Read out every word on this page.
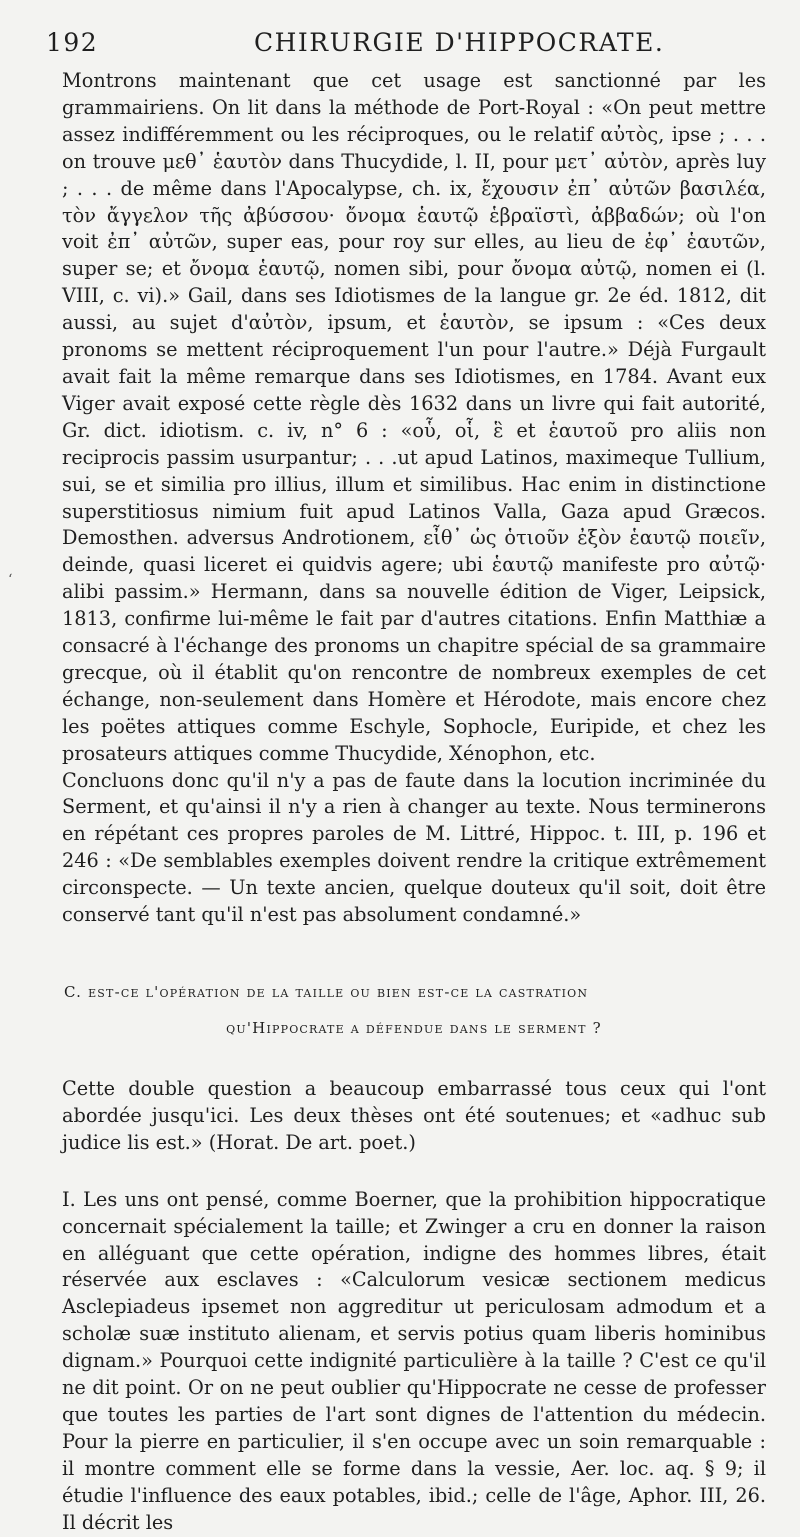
192	CHIRURGIE D'HIPPOCRATE.
‘

Montrons maintenant que cet usage est sanctionné par les grammairiens. On lit dans la méthode de Port-Royal : «On peut mettre assez indifféremment ou les réciproques, ou le relatif αὐτὸς, ipse ; . . . on trouve μεθ᾽ ἑαυτὸν dans Thucydide, l. II, pour μετ᾽ αὐτὸν, après luy ; . . . de même dans l'Apocalypse, ch. ix, ἔχουσιν ἐπ᾽ αὐτῶν βασιλέα, τὸν ἄγγελον τῆς ἀβύσσου· ὄνομα ἑαυτῷ ἑβραϊστὶ, ἀββαδών; où l'on voit ἐπ᾽ αὐτῶν, super eas, pour roy sur elles, au lieu de ἐφ᾽ ἑαυτῶν, super se; et ὄνομα ἑαυτῷ, nomen sibi, pour ὄνομα αὐτῷ, nomen ei (l. VIII, c. vi).» Gail, dans ses Idiotismes de la langue gr. 2e éd. 1812, dit aussi, au sujet d'αὐτὸν, ipsum, et ἑαυτὸν, se ipsum : «Ces deux pronoms se mettent réciproquement l'un pour l'autre.» Déjà Furgault avait fait la même remarque dans ses Idiotismes, en 1784. Avant eux Viger avait exposé cette règle dès 1632 dans un livre qui fait autorité, Gr. dict. idiotism. c. iv, n° 6 : «οὗ, οἷ, ἓ et ἑαυτοῦ pro aliis non reciprocis passim usurpantur; . . .ut apud Latinos, maximeque Tullium, sui, se et similia pro illius, illum et similibus. Hac enim in distinctione superstitiosus nimium fuit apud Latinos Valla, Gaza apud Græcos. Demosthen. adversus Androtionem, εἶθ᾽ ὡς ὁτιοῦν ἐξὸν ἑαυτῷ ποιεῖν, deinde, quasi liceret ei quidvis agere; ubi ἑαυτῷ manifeste pro αὐτῷ· alibi passim.» Hermann, dans sa nouvelle édition de Viger, Leipsick, 1813, confirme lui-même le fait par d'autres citations. Enfin Matthiæ a consacré à l'échange des pronoms un chapitre spécial de sa grammaire grecque, où il établit qu'on rencontre de nombreux exemples de cet échange, non-seulement dans Homère et Hérodote, mais encore chez les poëtes attiques comme Eschyle, Sophocle, Euripide, et chez les prosateurs attiques comme Thucydide, Xénophon, etc.

Concluons donc qu'il n'y a pas de faute dans la locution incriminée du Serment, et qu'ainsi il n'y a rien à changer au texte. Nous terminerons en répétant ces propres paroles de M. Littré, Hippoc. t. III, p. 196 et 246 : «De semblables exemples doivent rendre la critique extrêmement circonspecte. — Un texte ancien, quelque douteux qu'il soit, doit être conservé tant qu'il n'est pas absolument condamné.»

C. est-ce l'opération de la taille ou bien est-ce la castration
qu'Hippocrate a défendue dans le serment ?

Cette double question a beaucoup embarrassé tous ceux qui l'ont abordée jusqu'ici. Les deux thèses ont été soutenues; et «adhuc sub judice lis est.» (Horat. De art. poet.)

I. Les uns ont pensé, comme Boerner, que la prohibition hippocratique concernait spécialement la taille; et Zwinger a cru en donner la raison en alléguant que cette opération, indigne des hommes libres, était réservée aux esclaves : «Calculorum vesicæ sectionem medicus Asclepiadeus ipsemet non aggreditur ut periculosam admodum et a scholæ suæ instituto alienam, et servis potius quam liberis hominibus dignam.» Pourquoi cette indignité particulière à la taille ? C'est ce qu'il ne dit point. Or on ne peut oublier qu'Hippocrate ne cesse de professer que toutes les parties de l'art sont dignes de l'attention du médecin. Pour la pierre en particulier, il s'en occupe avec un soin remarquable : il montre comment elle se forme dans la vessie, Aer. loc. aq. § 9; il étudie l'influence des eaux potables, ibid.; celle de l'âge, Aphor. III, 26. Il décrit les
